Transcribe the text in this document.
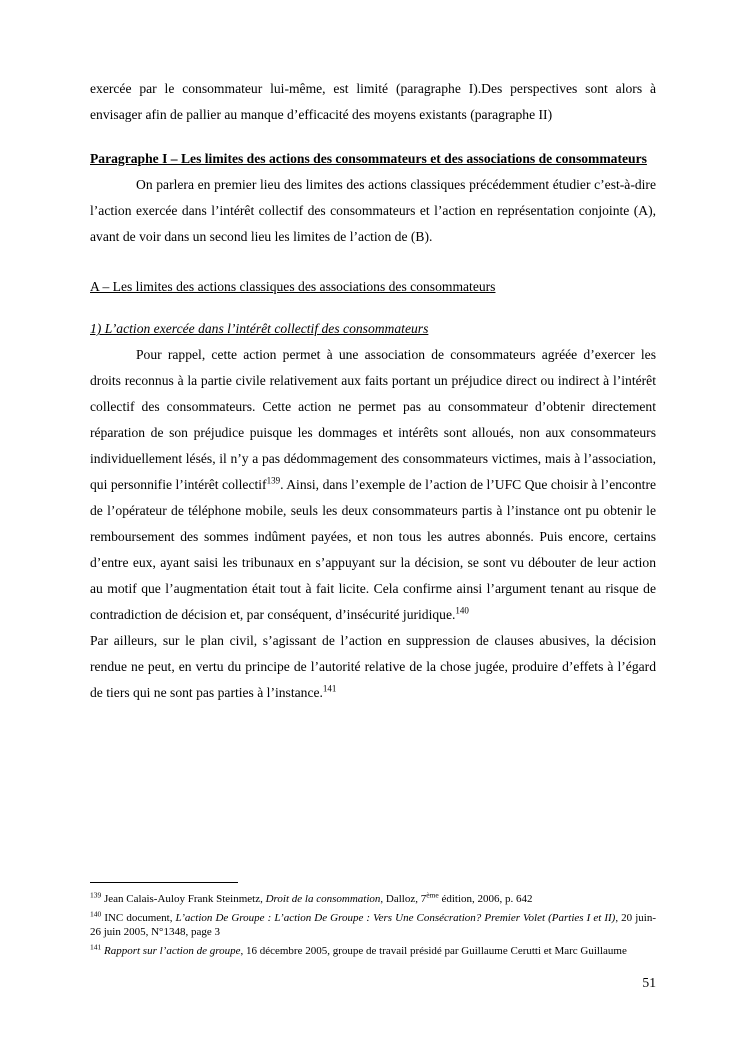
exercée par le consommateur lui-même, est limité (paragraphe I).Des perspectives sont alors à envisager afin de pallier au manque d’efficacité des moyens existants (paragraphe II)

Paragraphe I – Les limites des actions des consommateurs et des associations de consommateurs

On parlera en premier lieu des limites des actions classiques précédemment étudier c’est-à-dire l’action exercée dans l’intérêt collectif des consommateurs et l’action en représentation conjointe (A), avant de voir dans un second lieu les limites de l’action de (B).

A – Les limites des actions classiques des associations des consommateurs
1) L’action exercée dans l’intérêt collectif des consommateurs

Pour rappel, cette action permet à une association de consommateurs agréée d’exercer les droits reconnus à la partie civile relativement aux faits portant un préjudice direct ou indirect à l’intérêt collectif des consommateurs. Cette action ne permet pas au consommateur d’obtenir directement réparation de son préjudice puisque les dommages et intérêts sont alloués, non aux consommateurs individuellement lésés, il n’y a pas dédommagement des consommateurs victimes, mais à l’association, qui personnifie l’intérêt collectif$^{139}$. Ainsi, dans l’exemple de l’action de l’UFC Que choisir à l’encontre de l’opérateur de téléphone mobile, seuls les deux consommateurs partis à l’instance ont pu obtenir le remboursement des sommes indûment payées, et non tous les autres abonnés. Puis encore, certains d’entre eux, ayant saisi les tribunaux en s’appuyant sur la décision, se sont vu débouter de leur action au motif que l’augmentation était tout à fait licite. Cela confirme ainsi l’argument tenant au risque de contradiction de décision et, par conséquent, d’insécurité juridique.$^{140}$

Par ailleurs, sur le plan civil, s’agissant de l’action en suppression de clauses abusives, la décision rendue ne peut, en vertu du principe de l’autorité relative de la chose jugée, produire d’effets à l’égard de tiers qui ne sont pas parties à l’instance.$^{141}$

$^{139}$ Jean Calais-Auloy Frank Steinmetz, Droit de la consommation, Dalloz, 7ème édition, 2006, p. 642

$^{140}$ INC document, L’action De Groupe : L’action De Groupe : Vers Une Consécration? Premier Volet (Parties I et II), 20 juin-26 juin 2005, N°1348, page 3

$^{141}$ Rapport sur l’action de groupe, 16 décembre 2005, groupe de travail présidé par Guillaume Cerutti et Marc Guillaume

51
